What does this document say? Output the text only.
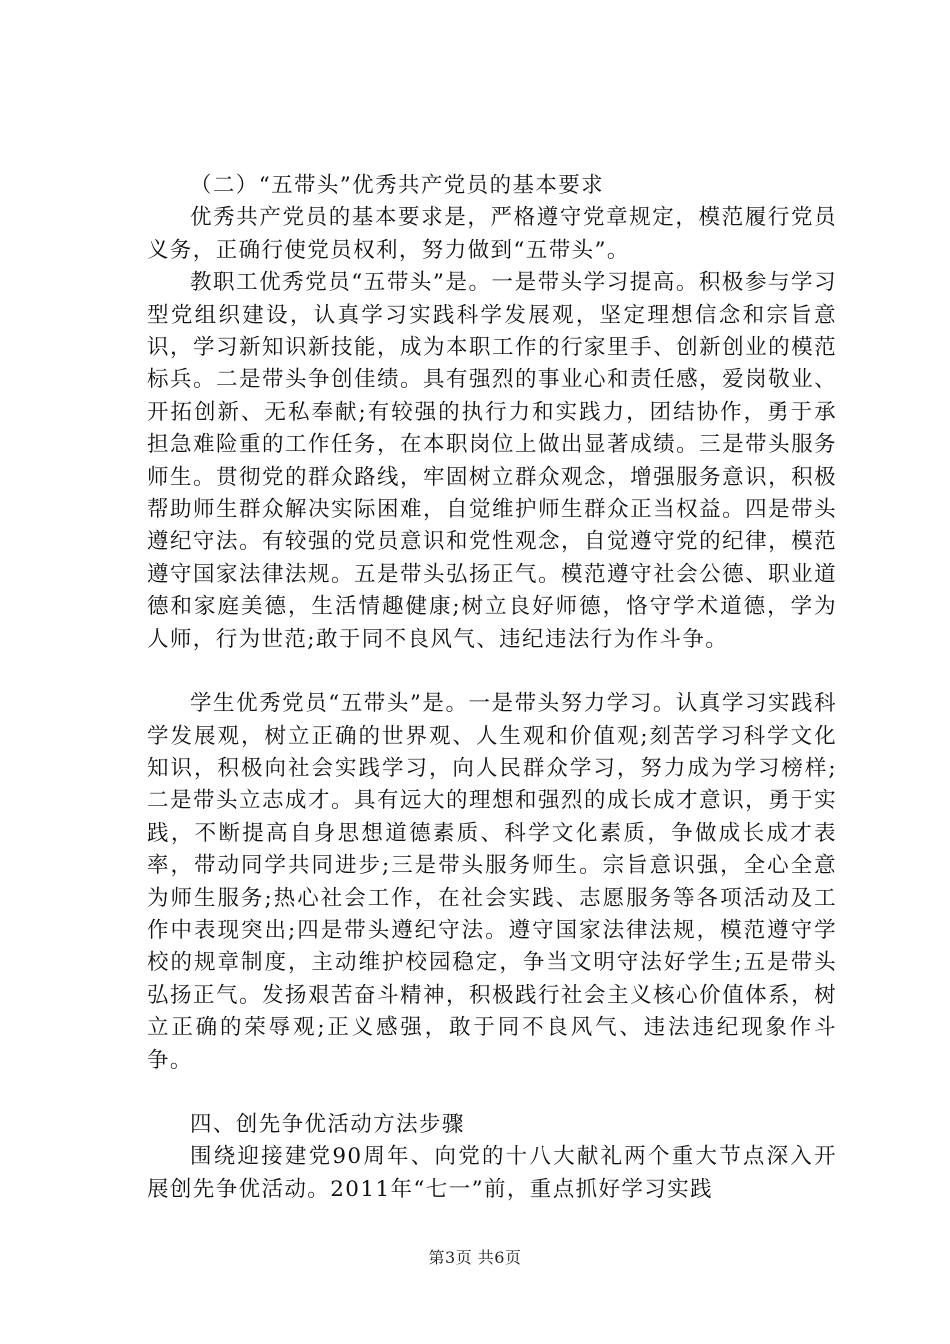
（二）“五带头”优秀共产党员的基本要求

优秀共产党员的基本要求是，严格遵守党章规定，模范履行党员义务，正确行使党员权利，努力做到“五带头”。

教职工优秀党员“五带头”是。一是带头学习提高。积极参与学习型党组织建设，认真学习实践科学发展观，坚定理想信念和宗旨意识，学习新知识新技能，成为本职工作的行家里手、创新创业的模范标兵。二是带头争创佳绩。具有强烈的事业心和责任感，爱岗敬业、开拓创新、无私奉献;有较强的执行力和实践力，团结协作，勇于承担急难险重的工作任务，在本职岗位上做出显著成绩。三是带头服务师生。贯彻党的群众路线，牢固树立群众观念，增强服务意识，积极帮助师生群众解决实际困难，自觉维护师生群众正当权益。四是带头遵纪守法。有较强的党员意识和党性观念，自觉遵守党的纪律，模范遵守国家法律法规。五是带头弘扬正气。模范遵守社会公德、职业道德和家庭美德，生活情趣健康;树立良好师德，恪守学术道德，学为人师，行为世范;敢于同不良风气、违纪违法行为作斗争。

学生优秀党员“五带头”是。一是带头努力学习。认真学习实践科学发展观，树立正确的世界观、人生观和价值观;刻苦学习科学文化知识，积极向社会实践学习，向人民群众学习，努力成为学习榜样;二是带头立志成才。具有远大的理想和强烈的成长成才意识，勇于实践，不断提高自身思想道德素质、科学文化素质，争做成长成才表率，带动同学共同进步;三是带头服务师生。宗旨意识强，全心全意为师生服务;热心社会工作，在社会实践、志愿服务等各项活动及工作中表现突出;四是带头遵纪守法。遵守国家法律法规，模范遵守学校的规章制度，主动维护校园稳定，争当文明守法好学生;五是带头弘扬正气。发扬艰苦奋斗精神，积极践行社会主义核心价值体系，树立正确的荣辱观;正义感强，敢于同不良风气、违法违纪现象作斗争。

四、创先争优活动方法步骤

围绕迎接建党90周年、向党的十八大献礼两个重大节点深入开展创先争优活动。2011年“七一”前，重点抓好学习实践

第3页 共6页
